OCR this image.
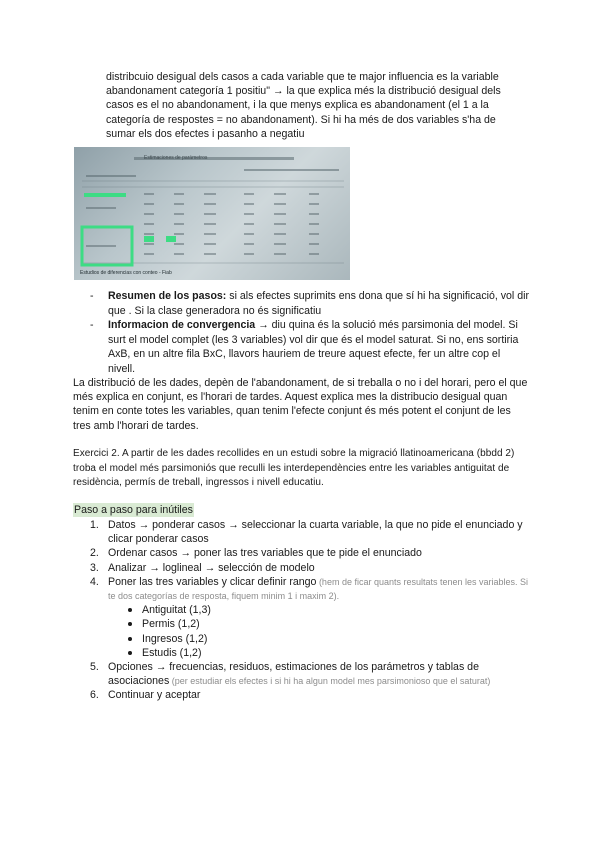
distribcuio desigual dels casos a cada variable que te major influencia es la variable abandonament categoría 1 positiu" → la que explica més la distribució desigual dels casos es el no abandonament, i la que menys explica es abandonament (el 1 a la categoría de respostes = no abandonament). Si hi ha més de dos variables s'ha de sumar els dos efectes i pasanho a negatiu
Estimaciones de parámetros
Estudios de diferencias con conteo - Fiab
- Resumen de los pasos: si als efectes suprimits ens dona que sí hi ha significació, vol dir que . Si la clase generadora no és significatiu
- Informacion de convergencia → diu quina és la solució més parsimonia del model. Si surt el model complet (les 3 variables) vol dir que és el model saturat. Si no, ens sortiria AxB, en un altre fila BxC, llavors hauriem de treure aquest efecte, fer un altre cop el nivell.
La distribució de les dades, depèn de l'abandonament, de si treballa o no i del horari, pero el que més explica en conjunt, es l'horari de tardes. Aquest explica mes la distribucio desigual quan tenim en conte totes les variables, quan tenim l'efecte conjunt és més potent el conjunt de les tres amb l'horari de tardes.
Exercici 2. A partir de les dades recollides en un estudi sobre la migració llatinoamericana (bbdd 2) troba el model més parsimoniós que reculli les interdependències entre les variables antiguitat de residència, permís de treball, ingressos i nivell educatiu.
Paso a paso para inútiles
1. Datos → ponderar casos → seleccionar la cuarta variable, la que no pide el enunciado y clicar ponderar casos
2. Ordenar casos → poner las tres variables que te pide el enunciado
3. Analizar → loglineal → selección de modelo
4. Poner las tres variables y clicar definir rango (hem de ficar quants resultats tenen les variables. Si te dos categorías de resposta, fiquem minim 1 i maxim 2).
Antiguitat (1,3)
Permis (1,2)
Ingresos (1,2)
Estudis (1,2)
5. Opciones → frecuencias, residuos, estimaciones de los parámetros y tablas de asociaciones (per estudiar els efectes i si hi ha algun model mes parsimonioso que el saturat)
6. Continuar y aceptar
